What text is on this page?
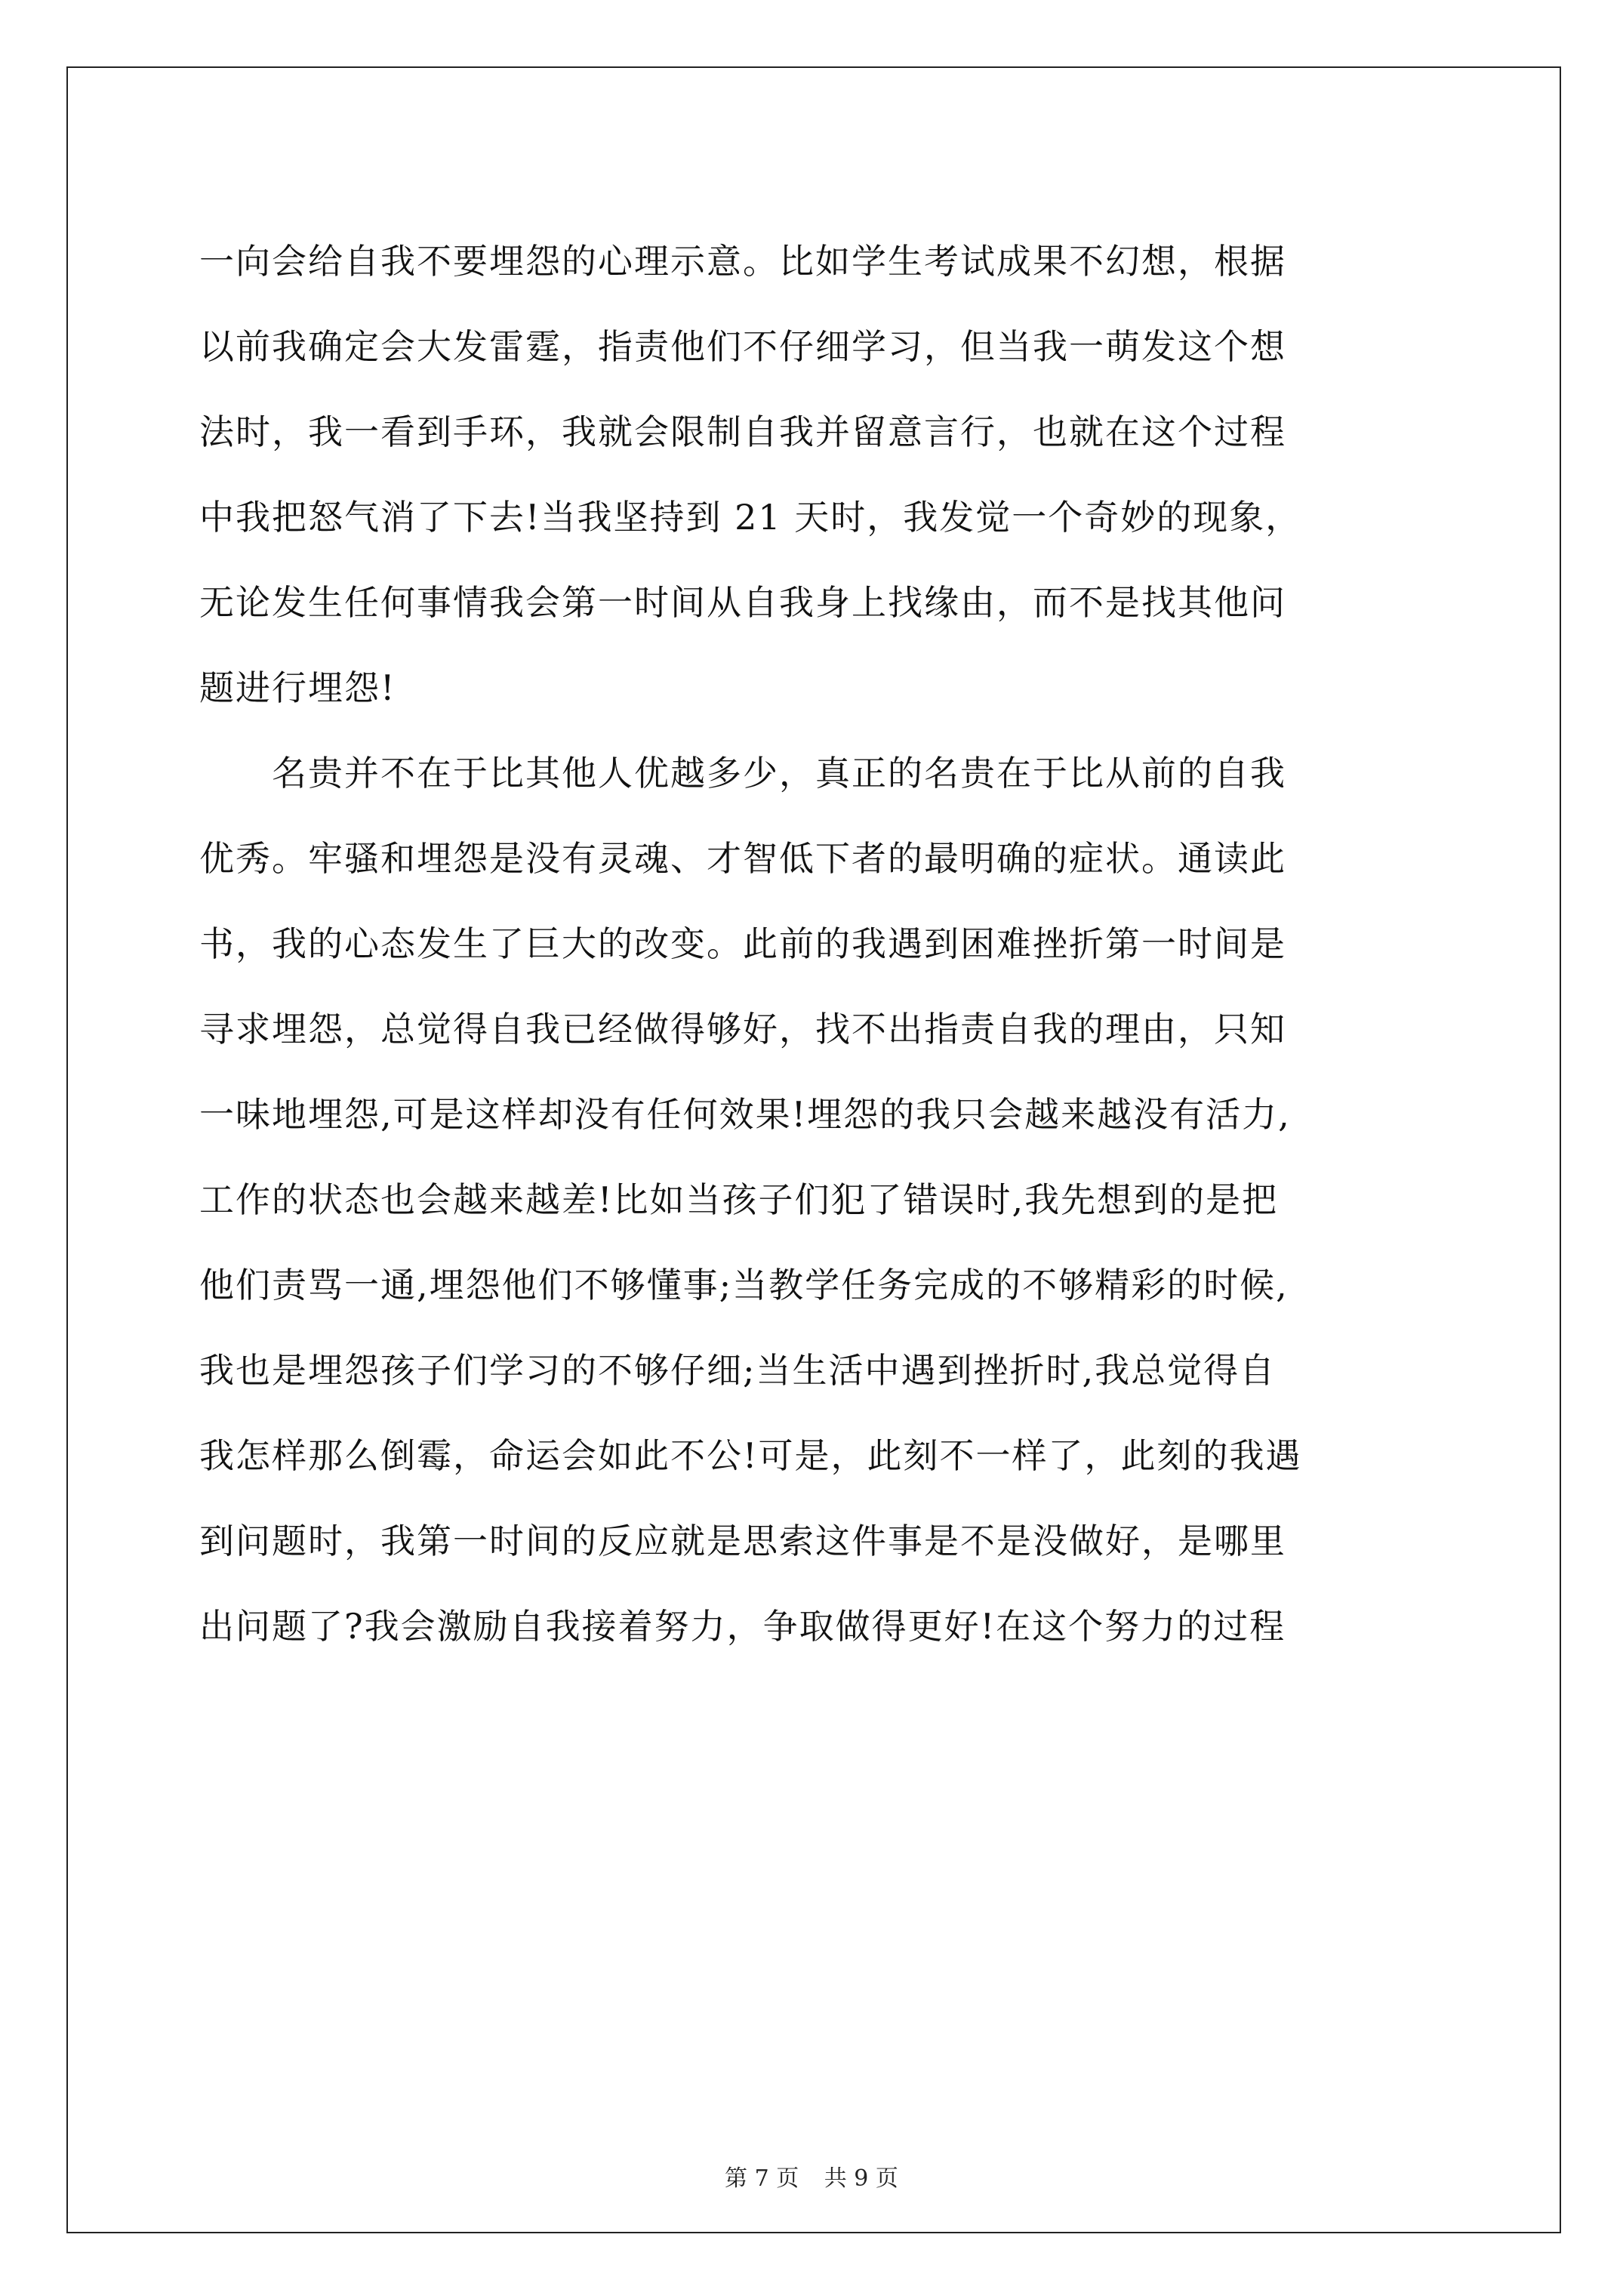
一向会给自我不要埋怨的心理示意。比如学生考试成果不幻想，根据
以前我确定会大发雷霆，指责他们不仔细学习，但当我一萌发这个想
法时，我一看到手环，我就会限制自我并留意言行，也就在这个过程
中我把怒气消了下去!当我坚持到 21 天时，我发觉一个奇妙的现象，
无论发生任何事情我会第一时间从自我身上找缘由，而不是找其他问
题进行埋怨!
　　名贵并不在于比其他人优越多少，真正的名贵在于比从前的自我
优秀。牢骚和埋怨是没有灵魂、才智低下者的最明确的症状。通读此
书，我的心态发生了巨大的改变。此前的我遇到困难挫折第一时间是
寻求埋怨，总觉得自我已经做得够好，找不出指责自我的理由，只知
一味地埋怨,可是这样却没有任何效果!埋怨的我只会越来越没有活力,
工作的状态也会越来越差!比如当孩子们犯了错误时,我先想到的是把
他们责骂一通,埋怨他们不够懂事;当教学任务完成的不够精彩的时候,
我也是埋怨孩子们学习的不够仔细;当生活中遇到挫折时,我总觉得自
我怎样那么倒霉，命运会如此不公!可是，此刻不一样了，此刻的我遇
到问题时，我第一时间的反应就是思索这件事是不是没做好，是哪里
出问题了?我会激励自我接着努力，争取做得更好!在这个努力的过程
第 7 页 共 9 页
